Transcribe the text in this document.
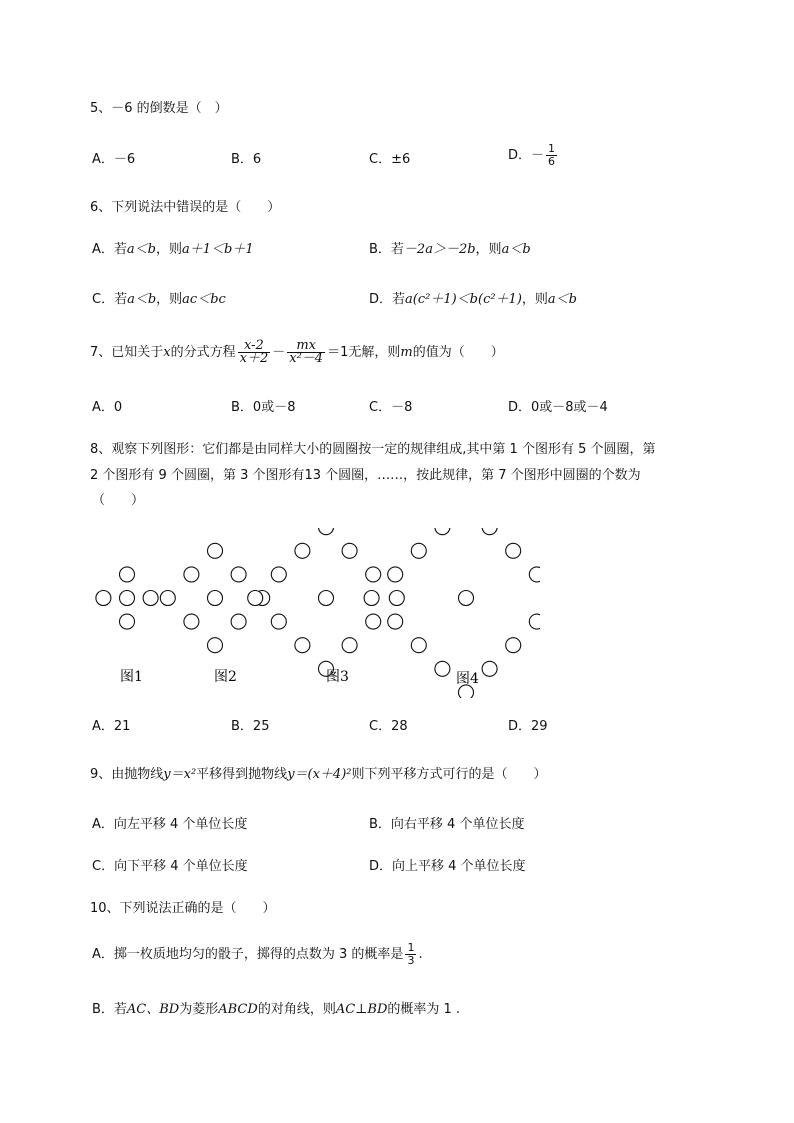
5、－6 的倒数是（　）
A．－6	B．6	C．±6	D．－ $\frac{1}{6}$
6、下列说法中错误的是（　　）
A．若a＜b，则a＋1＜b＋1	B．若－2a＞－2b，则a＜b
C．若a＜b，则ac＜bc	D．若a(c²＋1)＜b(c²＋1)，则a＜b
7、已知关于x的分式方程 $\frac{x-2}{x+2} - \frac{mx}{\text{x²－4}} =1$无解，则m的值为（　　）
A．0	B．0或－8	C．－8	D．0或－8或－4
8、观察下列图形：它们都是由同样大小的圆圈按一定的规律组成,其中第 1 个图形有 5 个圆圈，第
2 个图形有 9 个圆圈，第 3 个图形有13 个圆圈，……，按此规律，第 7 个图形中圆圈的个数为
（　　）
图1	图2	图3	图4
A．21	B．25	C．28	D．29
9、由抛物线y＝x²平移得到抛物线y＝(x＋4)²则下列平移方式可行的是（　　）
A．向左平移 4 个单位长度	B．向右平移 4 个单位长度
C．向下平移 4 个单位长度	D．向上平移 4 个单位长度
10、下列说法正确的是（　　）
A．掷一枚质地均匀的骰子，掷得的点数为 3 的概率是 $\frac{1}{3}$ .
B．若AC、BD为菱形ABCD的对角线，则AC⊥BD的概率为 1 .
